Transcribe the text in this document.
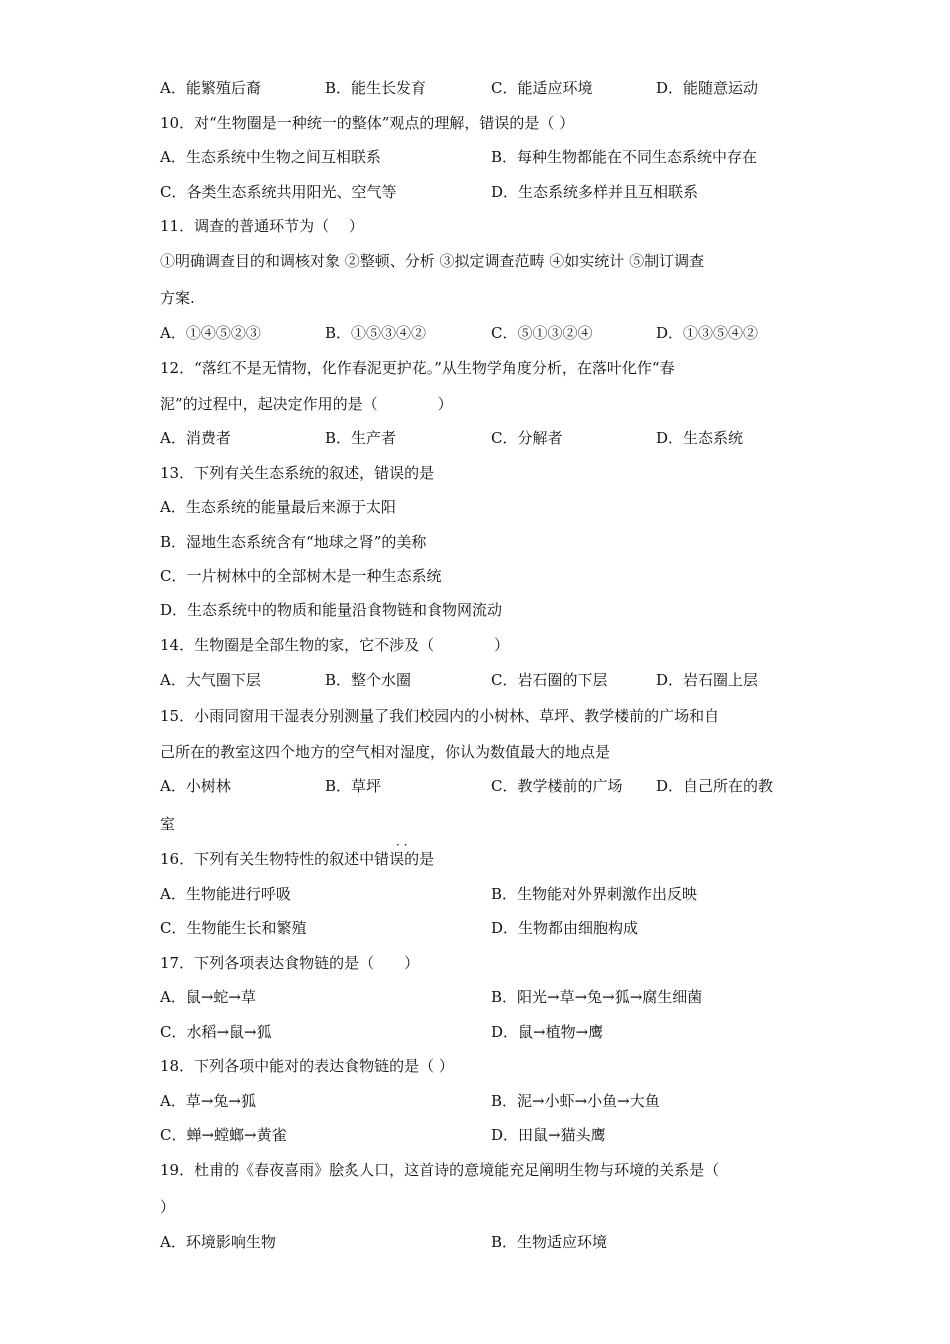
A．能繁殖后裔	B．能生长发育	C．能适应环境	D．能随意运动
10．对“生物圈是一种统一的整体”观点的理解，错误的是（ ）
A．生态系统中生物之间互相联系	B．每种生物都能在不同生态系统中存在
C．各类生态系统共用阳光、空气等	D．生态系统多样并且互相联系
11．调查的普通环节为（　 ）
①明确调查目的和调核对象 ②整顿、分析 ③拟定调查范畴 ④如实统计 ⑤制订调查
方案.
A．①④⑤②③	B．①⑤③④②	C．⑤①③②④	D．①③⑤④②
12．“落红不是无情物，化作春泥更护花。”从生物学角度分析，在落叶化作“春
泥”的过程中，起决定作用的是（　　　　）
A．消费者	B．生产者	C．分解者	D．生态系统
13．下列有关生态系统的叙述，错误的是
A．生态系统的能量最后来源于太阳
B．湿地生态系统含有“地球之肾”的美称
C．一片树林中的全部树木是一种生态系统
D．生态系统中的物质和能量沿食物链和食物网流动
14．生物圈是全部生物的家，它不涉及（　　　　）
A．大气圈下层	B．整个水圈	C．岩石圈的下层	D．岩石圈上层
15．小雨同窗用干湿表分别测量了我们校园内的小树林、草坪、教学楼前的广场和自
己所在的教室这四个地方的空气相对湿度，你认为数值最大的地点是
A．小树林	B．草坪	C．教学楼前的广场 D．自己所在的教
室
· ·
16．下列有关生物特性的叙述中错误的是
A．生物能进行呼吸	B．生物能对外界刺激作出反映
C．生物能生长和繁殖	D．生物都由细胞构成
17．下列各项表达食物链的是（　　）
A．鼠→蛇→草	B．阳光→草→兔→狐→腐生细菌
C．水稻→鼠→狐	D．鼠→植物→鹰
18．下列各项中能对的表达食物链的是（ ）
A．草→兔→狐	B．泥→小虾→小鱼→大鱼
C．蝉→螳螂→黄雀	D．田鼠→猫头鹰
19．杜甫的《春夜喜雨》脍炙人口，这首诗的意境能充足阐明生物与环境的关系是（
）
A．环境影响生物	B．生物适应环境
